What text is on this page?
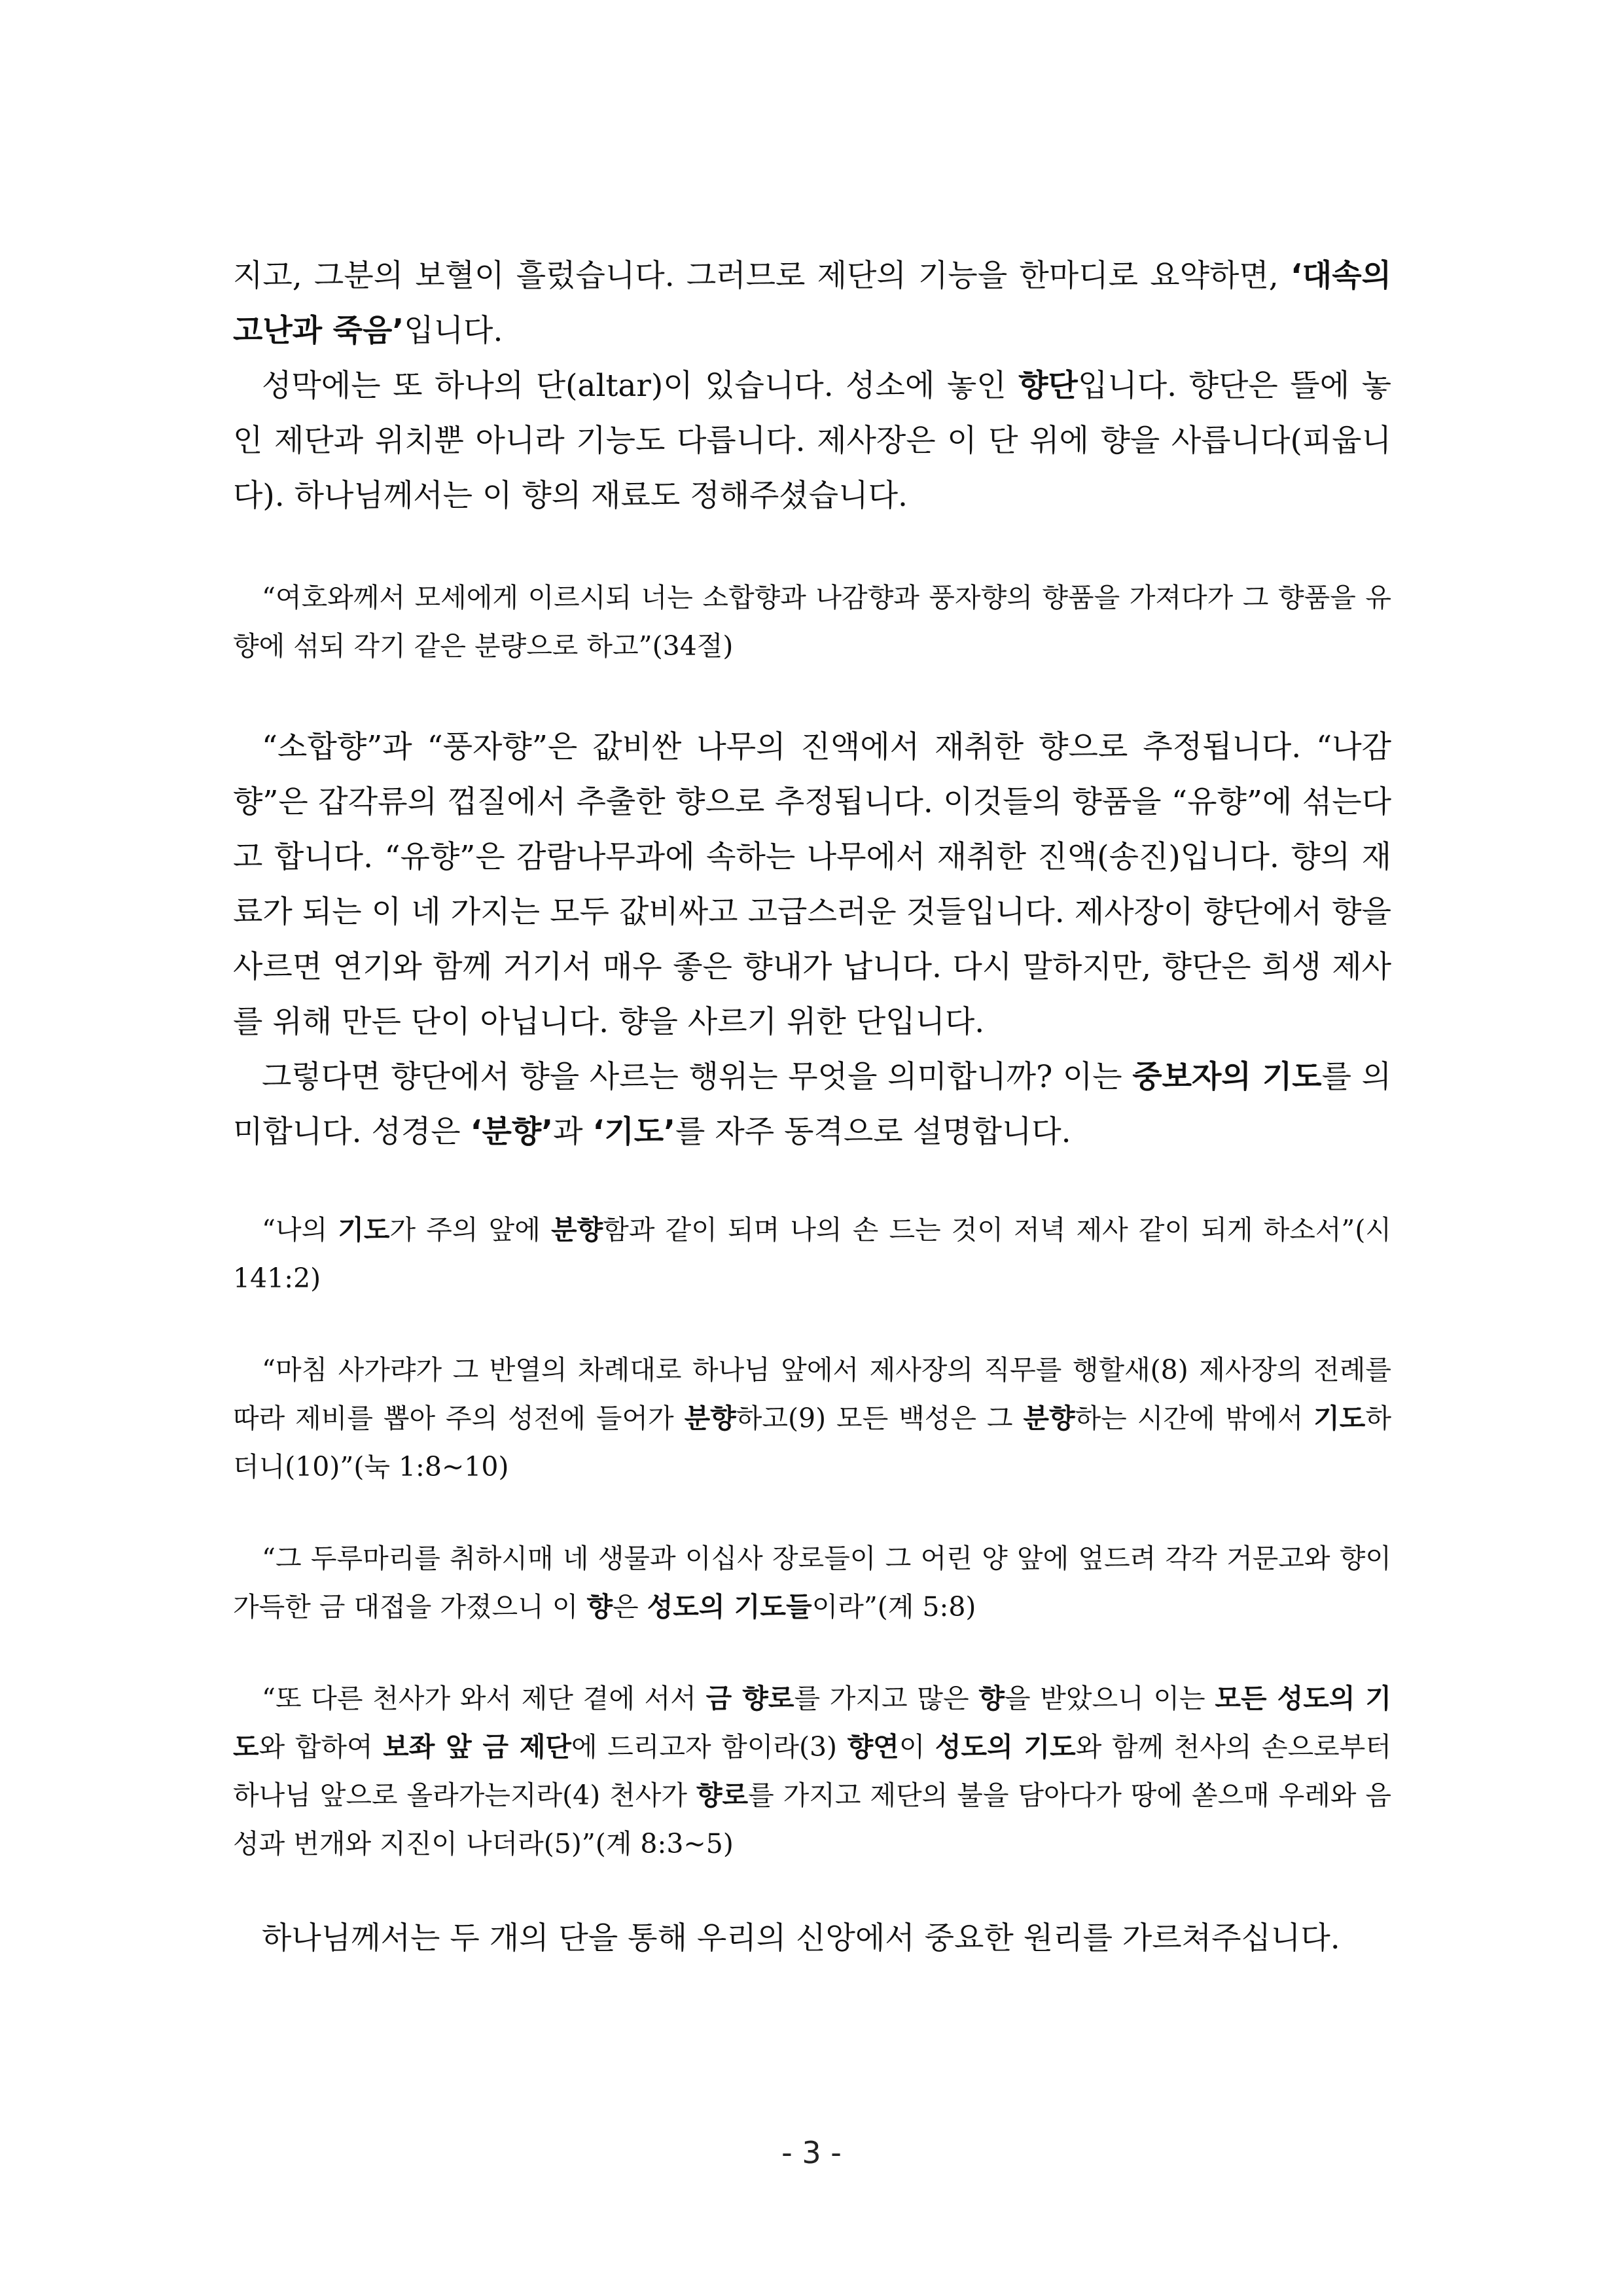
지고, 그분의 보혈이 흘렀습니다. 그러므로 제단의 기능을 한마디로 요약하면, ‘대속의 고난과 죽음’입니다.

성막에는 또 하나의 단(altar)이 있습니다. 성소에 놓인 향단입니다. 향단은 뜰에 놓인 제단과 위치뿐 아니라 기능도 다릅니다. 제사장은 이 단 위에 향을 사릅니다(피웁니다). 하나님께서는 이 향의 재료도 정해주셨습니다.

“여호와께서 모세에게 이르시되 너는 소합향과 나감향과 풍자향의 향품을 가져다가 그 향품을 유향에 섞되 각기 같은 분량으로 하고”(34절)

“소합향”과 “풍자향”은 값비싼 나무의 진액에서 재취한 향으로 추정됩니다. “나감향”은 갑각류의 껍질에서 추출한 향으로 추정됩니다. 이것들의 향품을 “유향”에 섞는다고 합니다. “유향”은 감람나무과에 속하는 나무에서 재취한 진액(송진)입니다. 향의 재료가 되는 이 네 가지는 모두 값비싸고 고급스러운 것들입니다. 제사장이 향단에서 향을 사르면 연기와 함께 거기서 매우 좋은 향내가 납니다. 다시 말하지만, 향단은 희생 제사를 위해 만든 단이 아닙니다. 향을 사르기 위한 단입니다.

그렇다면 향단에서 향을 사르는 행위는 무엇을 의미합니까? 이는 중보자의 기도를 의미합니다. 성경은 ‘분향’과 ‘기도’를 자주 동격으로 설명합니다.

“나의 기도가 주의 앞에 분향함과 같이 되며 나의 손 드는 것이 저녁 제사 같이 되게 하소서”(시 141:2)

“마침 사가랴가 그 반열의 차례대로 하나님 앞에서 제사장의 직무를 행할새(8) 제사장의 전례를 따라 제비를 뽑아 주의 성전에 들어가 분향하고(9) 모든 백성은 그 분향하는 시간에 밖에서 기도하더니(10)”(눅 1:8~10)

“그 두루마리를 취하시매 네 생물과 이십사 장로들이 그 어린 양 앞에 엎드려 각각 거문고와 향이 가득한 금 대접을 가졌으니 이 향은 성도의 기도들이라”(계 5:8)

“또 다른 천사가 와서 제단 곁에 서서 금 향로를 가지고 많은 향을 받았으니 이는 모든 성도의 기도와 합하여 보좌 앞 금 제단에 드리고자 함이라(3) 향연이 성도의 기도와 함께 천사의 손으로부터 하나님 앞으로 올라가는지라(4) 천사가 향로를 가지고 제단의 불을 담아다가 땅에 쏟으매 우레와 음성과 번개와 지진이 나더라(5)”(계 8:3~5)

하나님께서는 두 개의 단을 통해 우리의 신앙에서 중요한 원리를 가르쳐주십니다.

- 3 -
